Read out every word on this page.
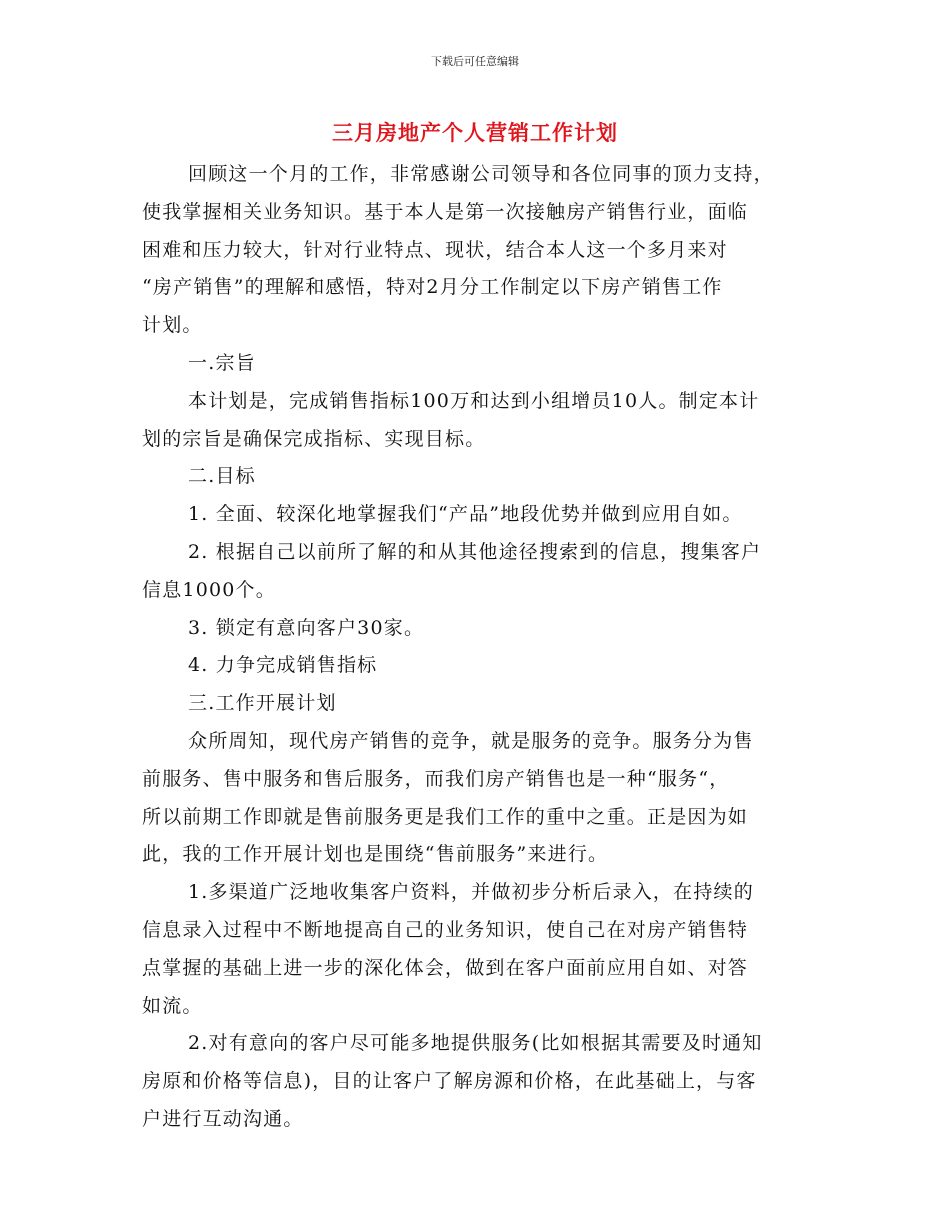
下载后可任意编辑
三月房地产个人营销工作计划
回顾这一个月的工作，非常感谢公司领导和各位同事的顶力支持，
使我掌握相关业务知识。基于本人是第一次接触房产销售行业，面临
困难和压力较大，针对行业特点、现状，结合本人这一个多月来对
“房产销售”的理解和感悟，特对2月分工作制定以下房产销售工作
计划。
一.宗旨
本计划是，完成销售指标100万和达到小组增员10人。制定本计
划的宗旨是确保完成指标、实现目标。
二.目标
1. 全面、较深化地掌握我们“产品”地段优势并做到应用自如。
2. 根据自己以前所了解的和从其他途径搜索到的信息，搜集客户
信息1000个。
3. 锁定有意向客户30家。
4. 力争完成销售指标
三.工作开展计划
众所周知，现代房产销售的竞争，就是服务的竞争。服务分为售
前服务、售中服务和售后服务，而我们房产销售也是一种“服务“，
所以前期工作即就是售前服务更是我们工作的重中之重。正是因为如
此，我的工作开展计划也是围绕“售前服务”来进行。
1.多渠道广泛地收集客户资料，并做初步分析后录入，在持续的
信息录入过程中不断地提高自己的业务知识，使自己在对房产销售特
点掌握的基础上进一步的深化体会，做到在客户面前应用自如、对答
如流。
2.对有意向的客户尽可能多地提供服务(比如根据其需要及时通知
房原和价格等信息)，目的让客户了解房源和价格，在此基础上，与客
户进行互动沟通。
